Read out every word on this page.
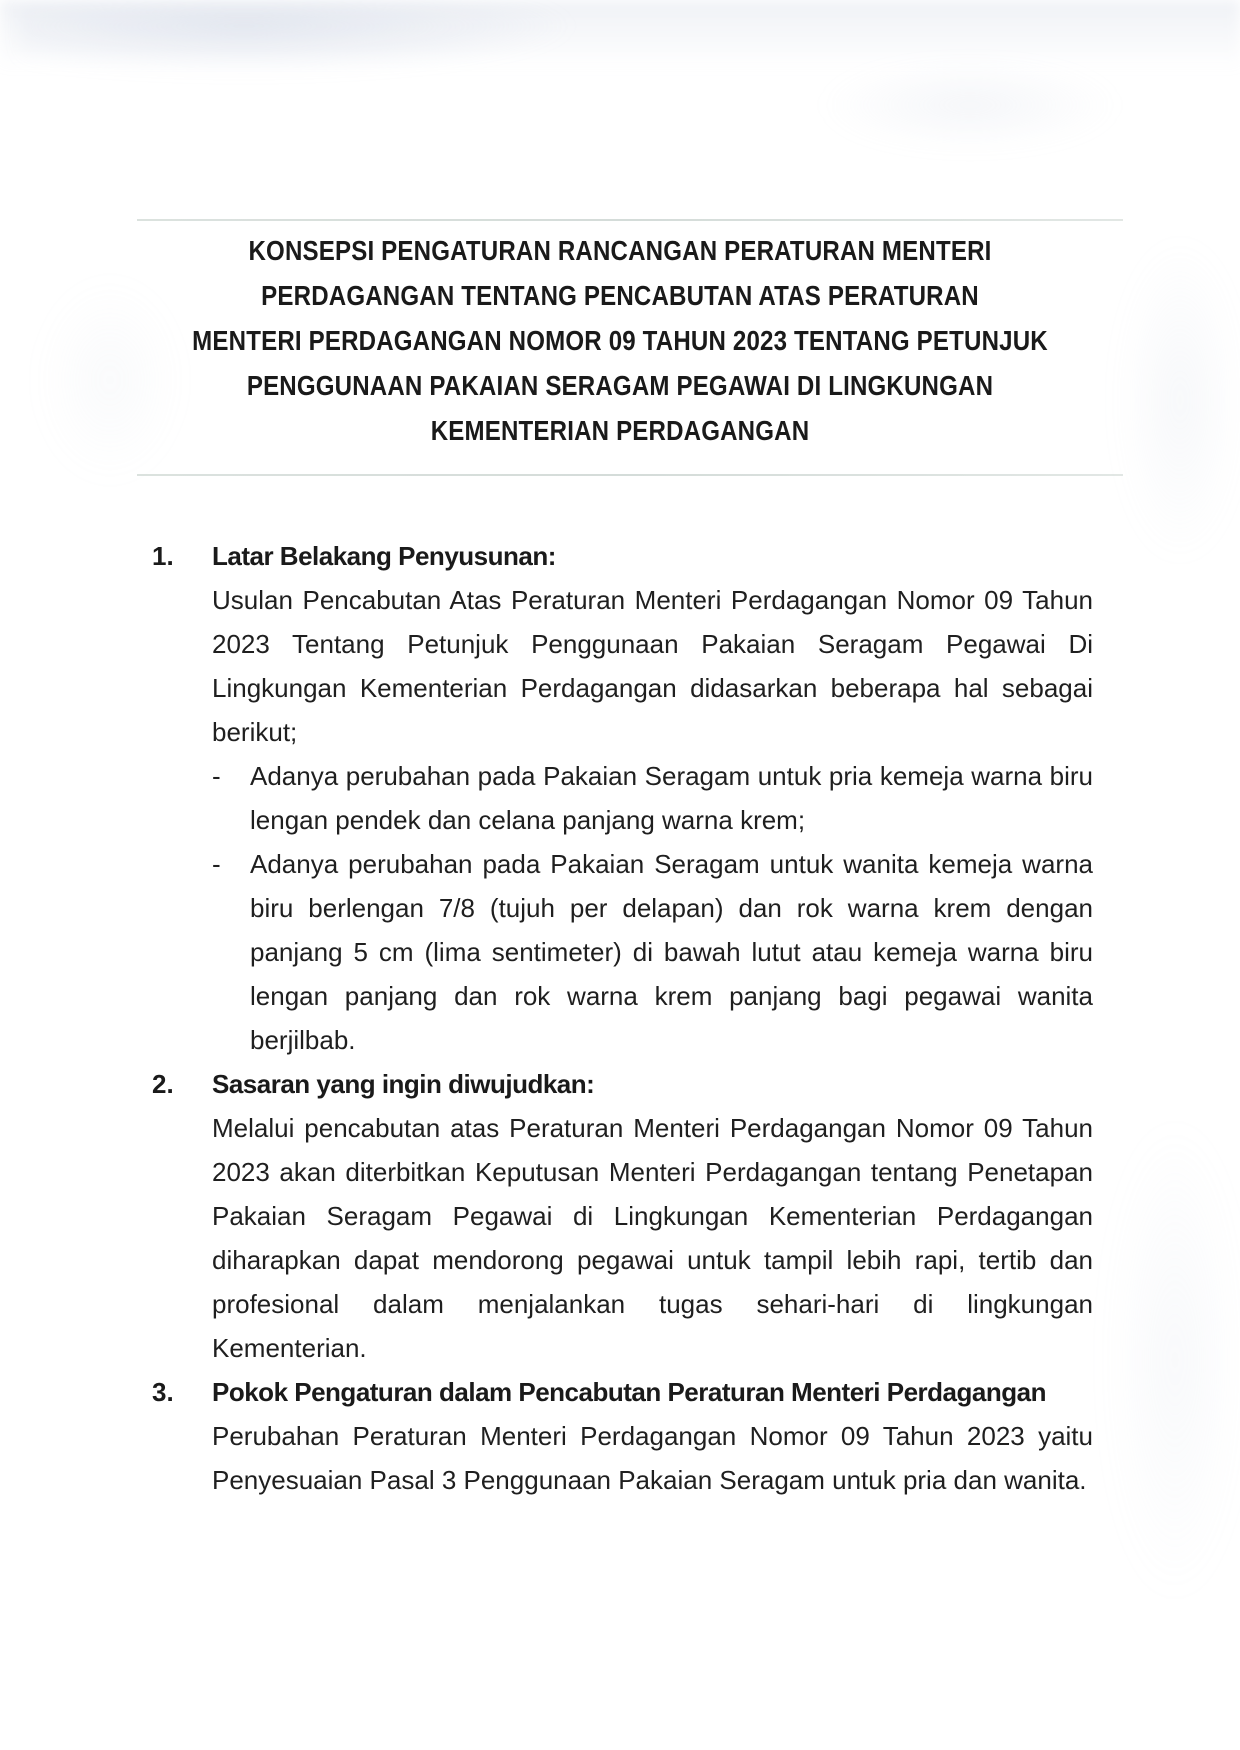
KONSEPSI PENGATURAN RANCANGAN PERATURAN MENTERI
PERDAGANGAN TENTANG PENCABUTAN ATAS PERATURAN
MENTERI PERDAGANGAN NOMOR 09 TAHUN 2023 TENTANG PETUNJUK
PENGGUNAAN PAKAIAN SERAGAM PEGAWAI DI LINGKUNGAN
KEMENTERIAN PERDAGANGAN
1.	Latar Belakang Penyusunan:

Usulan Pencabutan Atas Peraturan Menteri Perdagangan Nomor 09 Tahun 2023 Tentang Petunjuk Penggunaan Pakaian Seragam Pegawai Di Lingkungan Kementerian Perdagangan didasarkan beberapa hal sebagai berikut;

-	Adanya perubahan pada Pakaian Seragam untuk pria kemeja warna biru lengan pendek dan celana panjang warna krem;
-	Adanya perubahan pada Pakaian Seragam untuk wanita kemeja warna biru berlengan 7/8 (tujuh per delapan) dan rok warna krem dengan panjang 5 cm (lima sentimeter) di bawah lutut atau kemeja warna biru lengan panjang dan rok warna krem panjang bagi pegawai wanita berjilbab.
2.	Sasaran yang ingin diwujudkan:

Melalui pencabutan atas Peraturan Menteri Perdagangan Nomor 09 Tahun 2023 akan diterbitkan Keputusan Menteri Perdagangan tentang Penetapan Pakaian Seragam Pegawai di Lingkungan Kementerian Perdagangan diharapkan dapat mendorong pegawai untuk tampil lebih rapi, tertib dan profesional dalam menjalankan tugas sehari-hari di lingkungan Kementerian.

3.	Pokok Pengaturan dalam Pencabutan Peraturan Menteri Perdagangan

Perubahan Peraturan Menteri Perdagangan Nomor 09 Tahun 2023 yaitu Penyesuaian Pasal 3 Penggunaan Pakaian Seragam untuk pria dan wanita.
